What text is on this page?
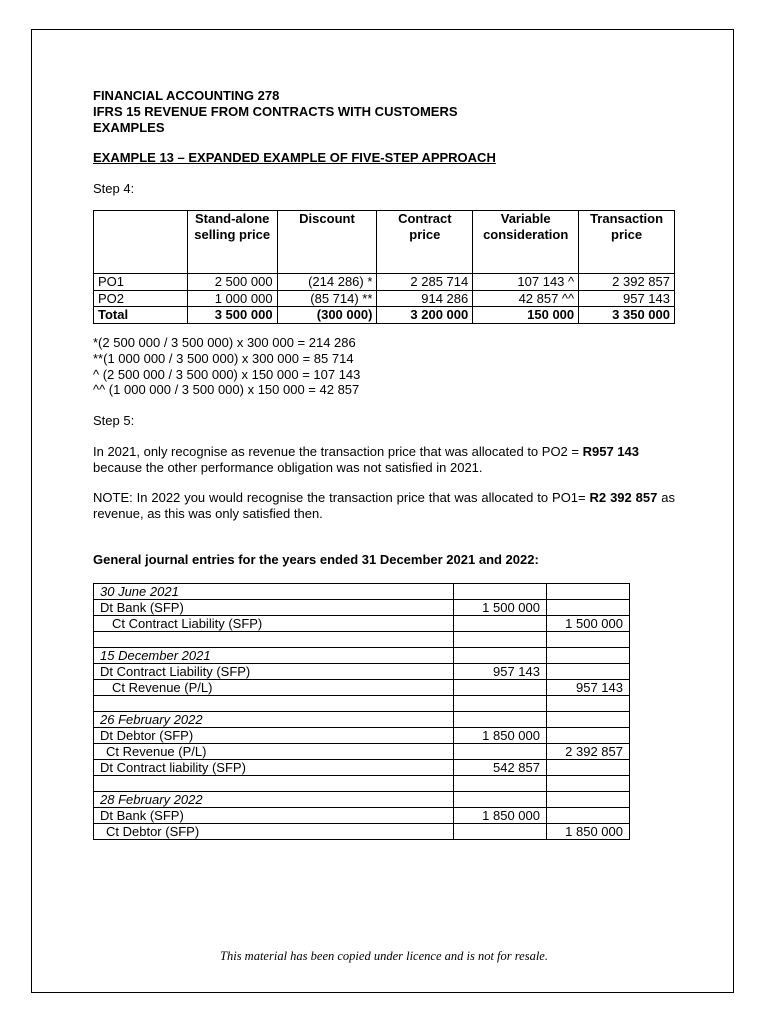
FINANCIAL ACCOUNTING 278

IFRS 15 REVENUE FROM CONTRACTS WITH CUSTOMERS

EXAMPLES

EXAMPLE 13 – EXPANDED EXAMPLE OF FIVE-STEP APPROACH

Step 4:

	Stand-alone selling price	Discount	Contract price	Variable consideration	Transaction price
PO1	2 500 000	(214 286) *	2 285 714	107 143 ^	2 392 857
PO2	1 000 000	(85 714) **	914 286	42 857 ^^	957 143
Total	3 500 000	(300 000)	3 200 000	150 000	3 350 000

*(2 500 000 / 3 500 000) x 300 000 = 214 286

**(1 000 000 / 3 500 000) x 300 000 = 85 714

^ (2 500 000 / 3 500 000) x 150 000 = 107 143

^^ (1 000 000 / 3 500 000) x 150 000 = 42 857

Step 5:

In 2021, only recognise as revenue the transaction price that was allocated to PO2 = R957 143 because the other performance obligation was not satisfied in 2021.

NOTE: In 2022 you would recognise the transaction price that was allocated to PO1= R2 392 857 as revenue, as this was only satisfied then.

General journal entries for the years ended 31 December 2021 and 2022:

30 June 2021		
Dt Bank (SFP)	1 500 000	
Ct Contract Liability (SFP)		1 500 000

15 December 2021		
Dt Contract Liability (SFP)	957 143	
Ct Revenue (P/L)		957 143

26 February 2022		
Dt Debtor (SFP)	1 850 000	
Ct Revenue (P/L)		2 392 857
Dt Contract liability (SFP)	542 857	

28 February 2022		
Dt Bank (SFP)	1 850 000	
Ct Debtor (SFP)		1 850 000

This material has been copied under licence and is not for resale.
